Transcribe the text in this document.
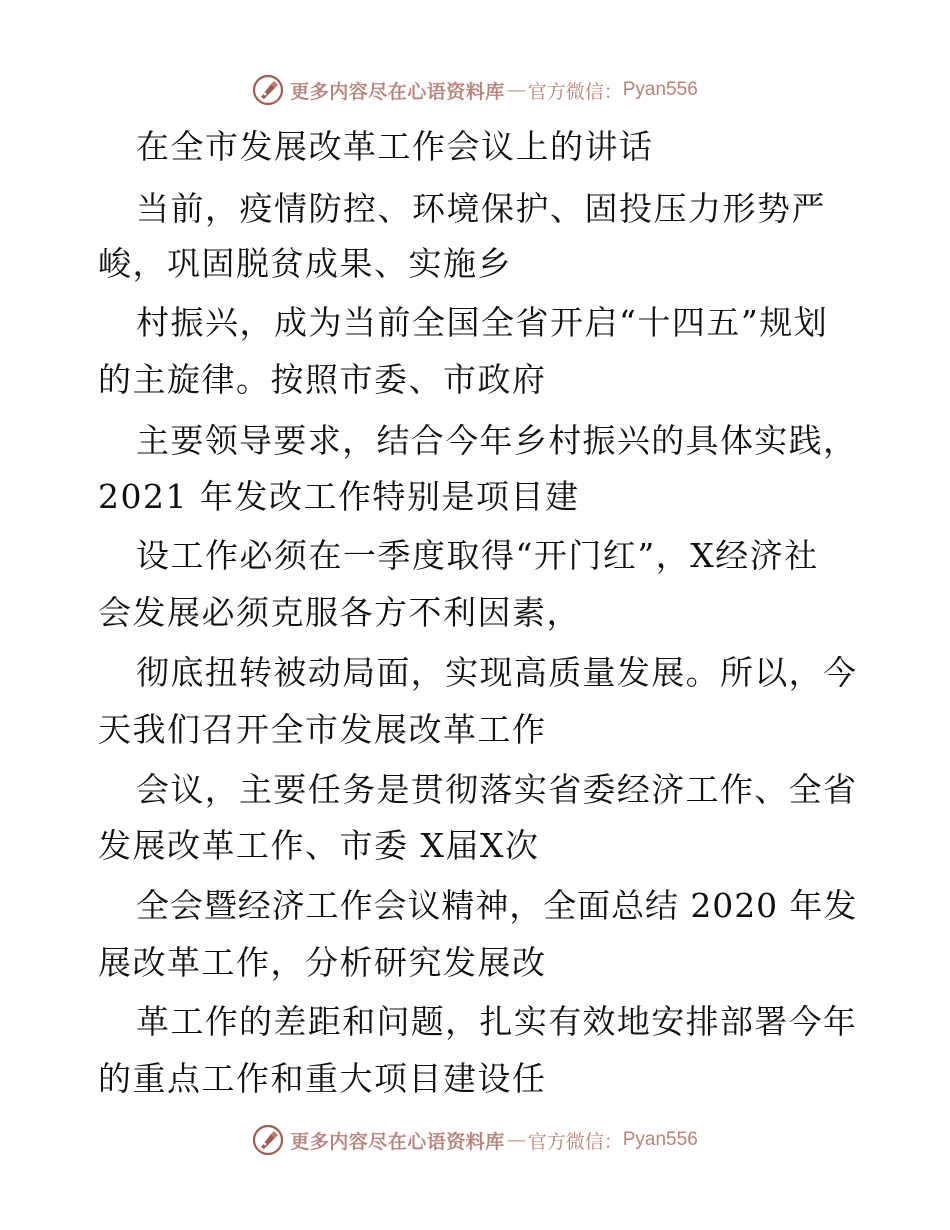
更多内容尽在心语资料库 — 官方微信： Pyan556
在全市发展改革工作会议上的讲话
当前，疫情防控、环境保护、固投压力形势严
峻，巩固脱贫成果、实施乡
村振兴，成为当前全国全省开启“十四五”规划
的主旋律。按照市委、市政府
主要领导要求，结合今年乡村振兴的具体实践，
2021 年发改工作特别是项目建
设工作必须在一季度取得“开门红”，X经济社
会发展必须克服各方不利因素，
彻底扭转被动局面，实现高质量发展。所以，今
天我们召开全市发展改革工作
会议，主要任务是贯彻落实省委经济工作、全省
发展改革工作、市委 X届X次
全会暨经济工作会议精神，全面总结 2020 年发
展改革工作，分析研究发展改
革工作的差距和问题，扎实有效地安排部署今年
的重点工作和重大项目建设任
更多内容尽在心语资料库 — 官方微信： Pyan556
